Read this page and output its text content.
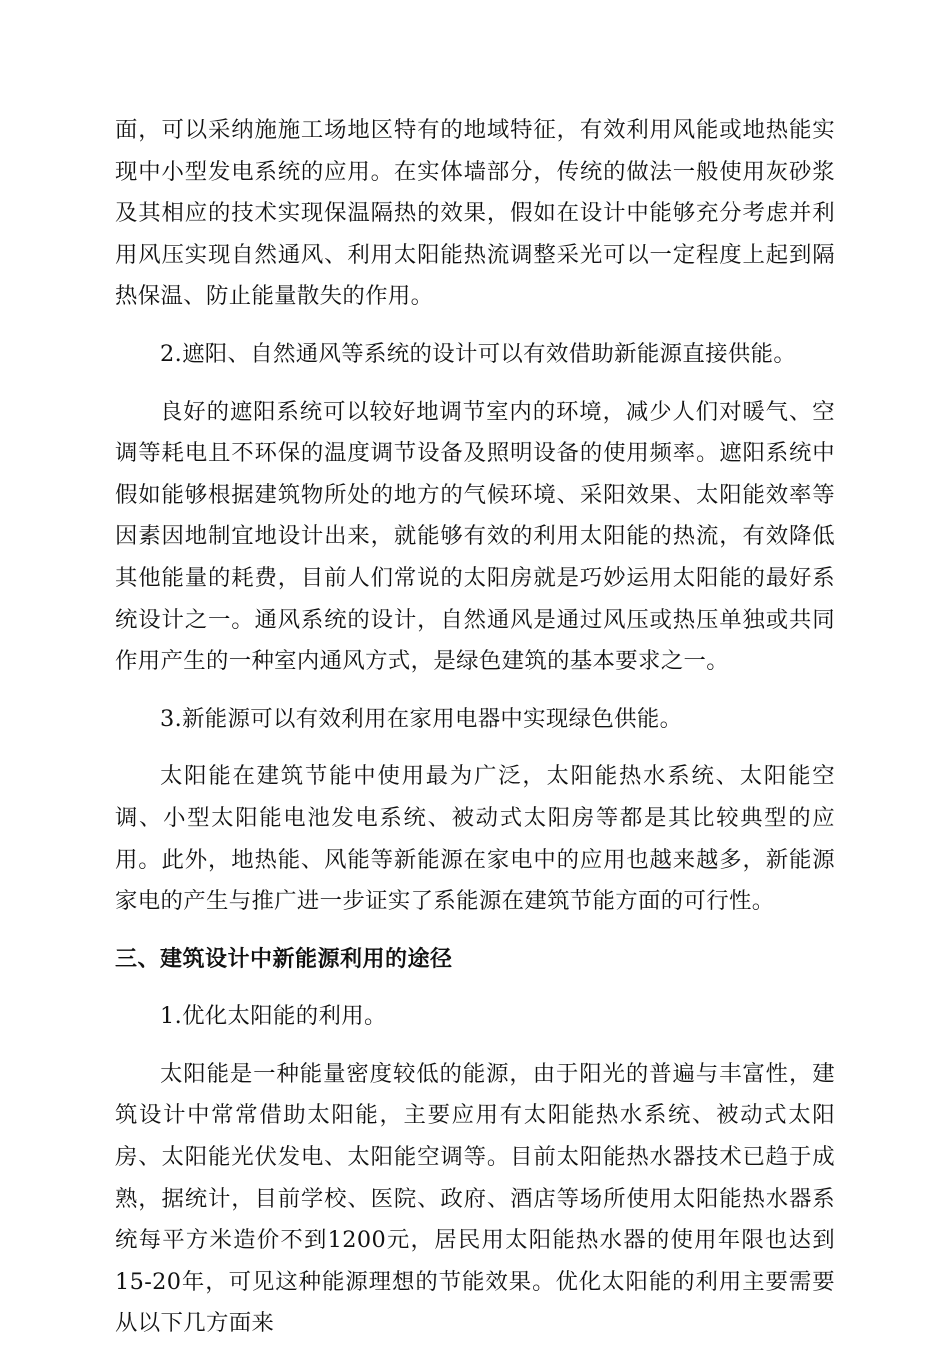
面，可以采纳施施工场地区特有的地域特征，有效利用风能或地热能实现中小型发电系统的应用。在实体墙部分，传统的做法一般使用灰砂浆及其相应的技术实现保温隔热的效果，假如在设计中能够充分考虑并利用风压实现自然通风、利用太阳能热流调整采光可以一定程度上起到隔热保温、防止能量散失的作用。

2.遮阳、自然通风等系统的设计可以有效借助新能源直接供能。

良好的遮阳系统可以较好地调节室内的环境，减少人们对暖气、空调等耗电且不环保的温度调节设备及照明设备的使用频率。遮阳系统中假如能够根据建筑物所处的地方的气候环境、采阳效果、太阳能效率等因素因地制宜地设计出来，就能够有效的利用太阳能的热流，有效降低其他能量的耗费，目前人们常说的太阳房就是巧妙运用太阳能的最好系统设计之一。通风系统的设计，自然通风是通过风压或热压单独或共同作用产生的一种室内通风方式，是绿色建筑的基本要求之一。

3.新能源可以有效利用在家用电器中实现绿色供能。

太阳能在建筑节能中使用最为广泛，太阳能热水系统、太阳能空调、小型太阳能电池发电系统、被动式太阳房等都是其比较典型的应用。此外，地热能、风能等新能源在家电中的应用也越来越多，新能源家电的产生与推广进一步证实了系能源在建筑节能方面的可行性。

三、建筑设计中新能源利用的途径

1.优化太阳能的利用。

太阳能是一种能量密度较低的能源，由于阳光的普遍与丰富性，建筑设计中常常借助太阳能，主要应用有太阳能热水系统、被动式太阳房、太阳能光伏发电、太阳能空调等。目前太阳能热水器技术已趋于成熟，据统计，目前学校、医院、政府、酒店等场所使用太阳能热水器系统每平方米造价不到1200元，居民用太阳能热水器的使用年限也达到15-20年，可见这种能源理想的节能效果。优化太阳能的利用主要需要从以下几方面来
